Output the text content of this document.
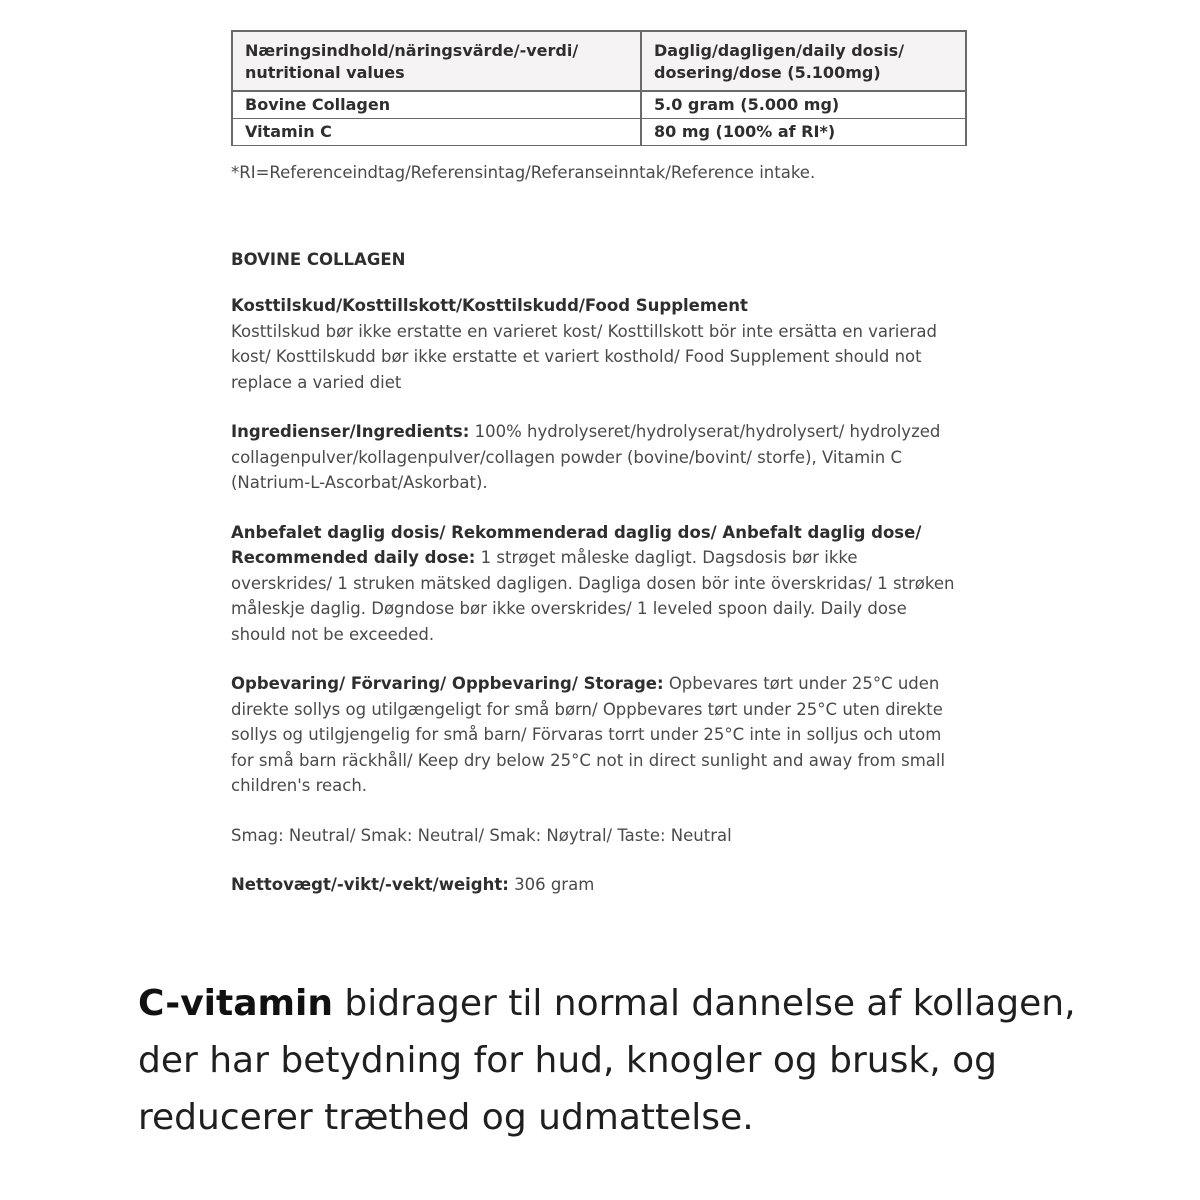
Næringsindhold/näringsvärde/-verdi/ nutritional values	Daglig/dagligen/daily dosis/ dosering/dose (5.100mg)
Bovine Collagen	5.0 gram (5.000 mg)
Vitamin C	80 mg (100% af RI*)
*RI=Referenceindtag/Referensintag/Referanseinntak/Reference intake.
BOVINE COLLAGEN
Kosttilskud/Kosttillskott/Kosttilskudd/Food Supplement
Kosttilskud bør ikke erstatte en varieret kost/ Kosttillskott bör inte ersätta en varierad kost/ Kosttilskudd bør ikke erstatte et variert kosthold/ Food Supplement should not replace a varied diet
Ingredienser/Ingredients: 100% hydrolyseret/hydrolyserat/hydrolysert/ hydrolyzed collagenpulver/kollagenpulver/collagen powder (bovine/bovint/ storfe), Vitamin C (Natrium-L-Ascorbat/Askorbat).
Anbefalet daglig dosis/ Rekommenderad daglig dos/ Anbefalt daglig dose/ Recommended daily dose: 1 strøget måleske dagligt. Dagsdosis bør ikke overskrides/ 1 struken mätsked dagligen. Dagliga dosen bör inte överskridas/ 1 strøken måleskje daglig. Døgndose bør ikke overskrides/ 1 leveled spoon daily. Daily dose should not be exceeded.
Opbevaring/ Förvaring/ Oppbevaring/ Storage: Opbevares tørt under 25°C uden direkte sollys og utilgængeligt for små børn/ Oppbevares tørt under 25°C uten direkte sollys og utilgjengelig for små barn/ Förvaras torrt under 25°C inte in solljus och utom for små barn räckhåll/ Keep dry below 25°C not in direct sunlight and away from small children's reach.
Smag: Neutral/ Smak: Neutral/ Smak: Nøytral/ Taste: Neutral
Nettovægt/-vikt/-vekt/weight: 306 gram
C-vitamin bidrager til normal dannelse af kollagen, der har betydning for hud, knogler og brusk, og reducerer træthed og udmattelse.
